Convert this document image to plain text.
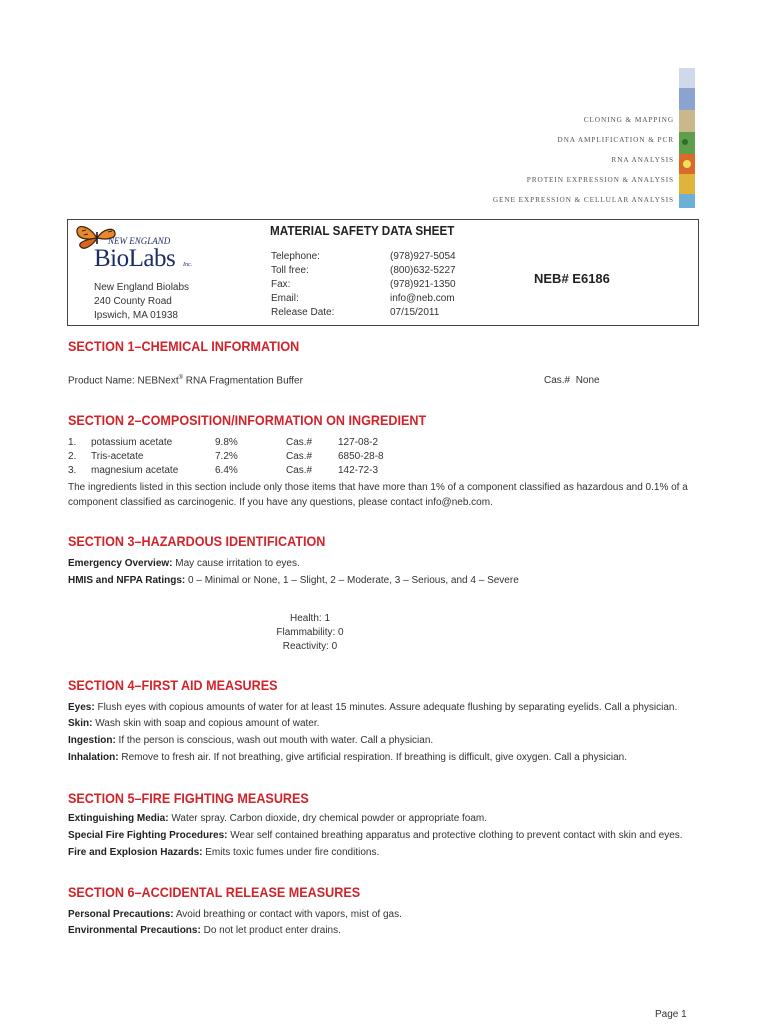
CLONING & MAPPING
DNA AMPLIFICATION & PCR
RNA ANALYSIS
PROTEIN EXPRESSION & ANALYSIS
GENE EXPRESSION & CELLULAR ANALYSIS
NEW ENGLAND
BioLabs Inc.
New England Biolabs
240 County Road
Ipswich, MA 01938
MATERIAL SAFETY DATA SHEET
Telephone:	(978)927-5054
Toll free:	(800)632-5227
Fax:	(978)921-1350
Email:	info@neb.com
Release Date:	07/15/2011
NEB# E6186
SECTION 1–CHEMICAL INFORMATION
Product Name: NEBNext® RNA Fragmentation Buffer	Cas.# None
SECTION 2–COMPOSITION/INFORMATION ON INGREDIENT
1. potassium acetate	9.8%	Cas.#	127-08-2
2. Tris-acetate	7.2%	Cas.#	6850-28-8
3. magnesium acetate	6.4%	Cas.#	142-72-3
The ingredients listed in this section include only those items that have more than 1% of a component classified as hazardous and 0.1% of a component classified as carcinogenic. If you have any questions, please contact info@neb.com.
SECTION 3–HAZARDOUS IDENTIFICATION
Emergency Overview: May cause irritation to eyes.
HMIS and NFPA Ratings: 0 – Minimal or None, 1 – Slight, 2 – Moderate, 3 – Serious, and 4 – Severe
Health: 1
Flammability: 0
Reactivity: 0
SECTION 4–FIRST AID MEASURES
Eyes: Flush eyes with copious amounts of water for at least 15 minutes. Assure adequate flushing by separating eyelids. Call a physician.
Skin: Wash skin with soap and copious amount of water.
Ingestion: If the person is conscious, wash out mouth with water. Call a physician.
Inhalation: Remove to fresh air. If not breathing, give artificial respiration. If breathing is difficult, give oxygen. Call a physician.
SECTION 5–FIRE FIGHTING MEASURES
Extinguishing Media: Water spray. Carbon dioxide, dry chemical powder or appropriate foam.
Special Fire Fighting Procedures: Wear self contained breathing apparatus and protective clothing to prevent contact with skin and eyes.
Fire and Explosion Hazards: Emits toxic fumes under fire conditions.
SECTION 6–ACCIDENTAL RELEASE MEASURES
Personal Precautions: Avoid breathing or contact with vapors, mist of gas.
Environmental Precautions: Do not let product enter drains.
Page 1
